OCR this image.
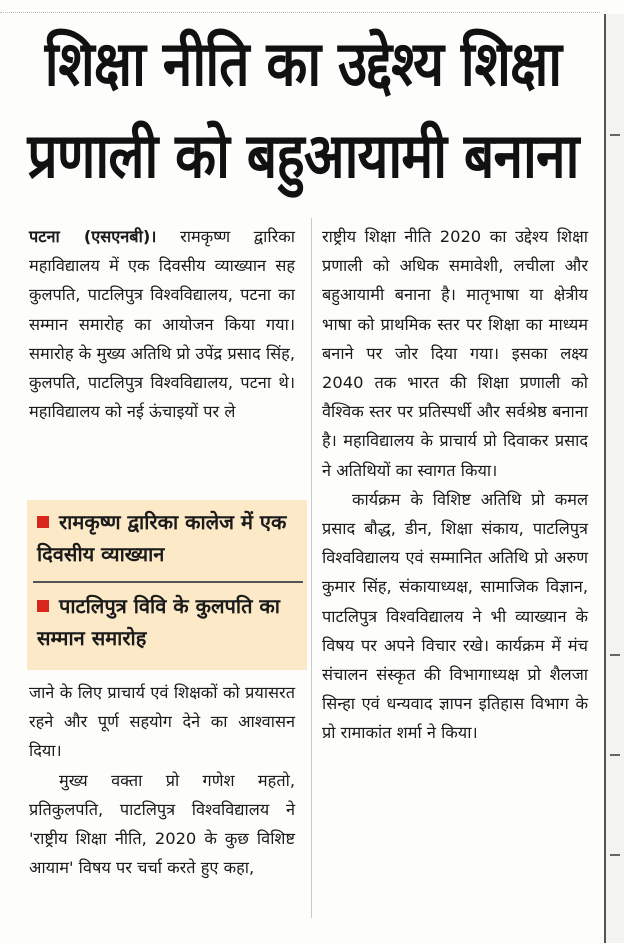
शिक्षा नीति का उद्देश्य शिक्षा
प्रणाली को बहुआयामी बनाना

पटना (एसएनबी)। रामकृष्ण द्वारिका महाविद्यालय में एक दिवसीय व्याख्यान सह कुलपति, पाटलिपुत्र विश्वविद्यालय, पटना का सम्मान समारोह का आयोजन किया गया। समारोह के मुख्य अतिथि प्रो उपेंद्र प्रसाद सिंह, कुलपति, पाटलिपुत्र विश्वविद्यालय, पटना थे। महाविद्यालय को नई ऊंचाइयों पर ले

रामकृष्ण द्वारिका कालेज में एक दिवसीय व्याख्यान
पाटलिपुत्र विवि के कुलपति का सम्मान समारोह

जाने के लिए प्राचार्य एवं शिक्षकों को प्रयासरत रहने और पूर्ण सहयोग देने का आश्वासन दिया।

मुख्य वक्ता प्रो गणेश महतो, प्रतिकुलपति, पाटलिपुत्र विश्वविद्यालय ने 'राष्ट्रीय शिक्षा नीति, 2020 के कुछ विशिष्ट आयाम' विषय पर चर्चा करते हुए कहा,

राष्ट्रीय शिक्षा नीति 2020 का उद्देश्य शिक्षा प्रणाली को अधिक समावेशी, लचीला और बहुआयामी बनाना है। मातृभाषा या क्षेत्रीय भाषा को प्राथमिक स्तर पर शिक्षा का माध्यम बनाने पर जोर दिया गया। इसका लक्ष्य 2040 तक भारत की शिक्षा प्रणाली को वैश्विक स्तर पर प्रतिस्पर्धी और सर्वश्रेष्ठ बनाना है। महाविद्यालय के प्राचार्य प्रो दिवाकर प्रसाद ने अतिथियों का स्वागत किया।

कार्यक्रम के विशिष्ट अतिथि प्रो कमल प्रसाद बौद्ध, डीन, शिक्षा संकाय, पाटलिपुत्र विश्वविद्यालय एवं सम्मानित अतिथि प्रो अरुण कुमार सिंह, संकायाध्यक्ष, सामाजिक विज्ञान, पाटलिपुत्र विश्वविद्यालय ने भी व्याख्यान के विषय पर अपने विचार रखे। कार्यक्रम में मंच संचालन संस्कृत की विभागाध्यक्ष प्रो शैलजा सिन्हा एवं धन्यवाद ज्ञापन इतिहास विभाग के प्रो रामाकांत शर्मा ने किया।
